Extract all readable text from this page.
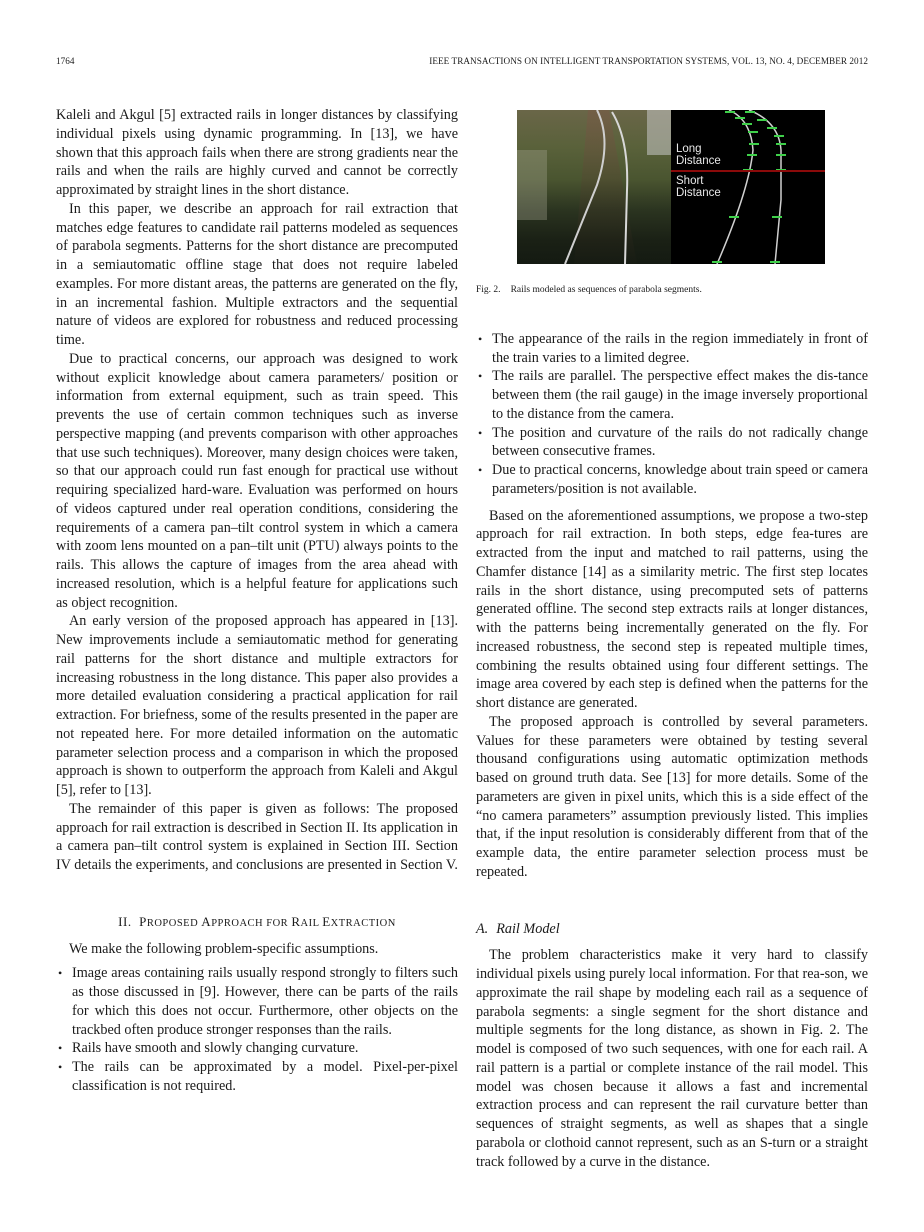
1764	IEEE TRANSACTIONS ON INTELLIGENT TRANSPORTATION SYSTEMS, VOL. 13, NO. 4, DECEMBER 2012

Kaleli and Akgul [5] extracted rails in longer distances by classifying individual pixels using dynamic programming. In [13], we have shown that this approach fails when there are strong gradients near the rails and when the rails are highly curved and cannot be correctly approximated by straight lines in the short distance.

In this paper, we describe an approach for rail extraction that matches edge features to candidate rail patterns modeled as sequences of parabola segments. Patterns for the short distance are precomputed in a semiautomatic offline stage that does not require labeled examples. For more distant areas, the patterns are generated on the fly, in an incremental fashion. Multiple extractors and the sequential nature of videos are explored for robustness and reduced processing time.

Due to practical concerns, our approach was designed to work without explicit knowledge about camera parameters/ position or information from external equipment, such as train speed. This prevents the use of certain common techniques such as inverse perspective mapping (and prevents comparison with other approaches that use such techniques). Moreover, many design choices were taken, so that our approach could run fast enough for practical use without requiring specialized hard-ware. Evaluation was performed on hours of videos captured under real operation conditions, considering the requirements of a camera pan–tilt control system in which a camera with zoom lens mounted on a pan–tilt unit (PTU) always points to the rails. This allows the capture of images from the area ahead with increased resolution, which is a helpful feature for applications such as object recognition.

An early version of the proposed approach has appeared in [13]. New improvements include a semiautomatic method for generating rail patterns for the short distance and multiple extractors for increasing robustness in the long distance. This paper also provides a more detailed evaluation considering a practical application for rail extraction. For briefness, some of the results presented in the paper are not repeated here. For more detailed information on the automatic parameter selection process and a comparison in which the proposed approach is shown to outperform the approach from Kaleli and Akgul [5], refer to [13].

The remainder of this paper is given as follows: The proposed approach for rail extraction is described in Section II. Its application in a camera pan–tilt control system is explained in Section III. Section IV details the experiments, and conclusions are presented in Section V.

II. PROPOSED APPROACH FOR RAIL EXTRACTION

We make the following problem-specific assumptions.

• Image areas containing rails usually respond strongly to filters such as those discussed in [9]. However, there can be parts of the rails for which this does not occur. Furthermore, other objects on the trackbed often produce stronger responses than the rails.
• Rails have smooth and slowly changing curvature.
• The rails can be approximated by a model. Pixel-per-pixel classification is not required.
Long
Distance
Short
Distance
Fig. 2. Rails modeled as sequences of parabola segments.
• The appearance of the rails in the region immediately in front of the train varies to a limited degree.
• The rails are parallel. The perspective effect makes the dis-tance between them (the rail gauge) in the image inversely proportional to the distance from the camera.
• The position and curvature of the rails do not radically change between consecutive frames.
• Due to practical concerns, knowledge about train speed or camera parameters/position is not available.

Based on the aforementioned assumptions, we propose a two-step approach for rail extraction. In both steps, edge fea-tures are extracted from the input and matched to rail patterns, using the Chamfer distance [14] as a similarity metric. The first step locates rails in the short distance, using precomputed sets of patterns generated offline. The second step extracts rails at longer distances, with the patterns being incrementally generated on the fly. For increased robustness, the second step is repeated multiple times, combining the results obtained using four different settings. The image area covered by each step is defined when the patterns for the short distance are generated.

The proposed approach is controlled by several parameters. Values for these parameters were obtained by testing several thousand configurations using automatic optimization methods based on ground truth data. See [13] for more details. Some of the parameters are given in pixel units, which this is a side effect of the “no camera parameters” assumption previously listed. This implies that, if the input resolution is considerably different from that of the example data, the entire parameter selection process must be repeated.

A. Rail Model

The problem characteristics make it very hard to classify individual pixels using purely local information. For that rea-son, we approximate the rail shape by modeling each rail as a sequence of parabola segments: a single segment for the short distance and multiple segments for the long distance, as shown in Fig. 2. The model is composed of two such sequences, with one for each rail. A rail pattern is a partial or complete instance of the rail model. This model was chosen because it allows a fast and incremental extraction process and can represent the rail curvature better than sequences of straight segments, as well as shapes that a single parabola or clothoid cannot represent, such as an S-turn or a straight track followed by a curve in the distance.
